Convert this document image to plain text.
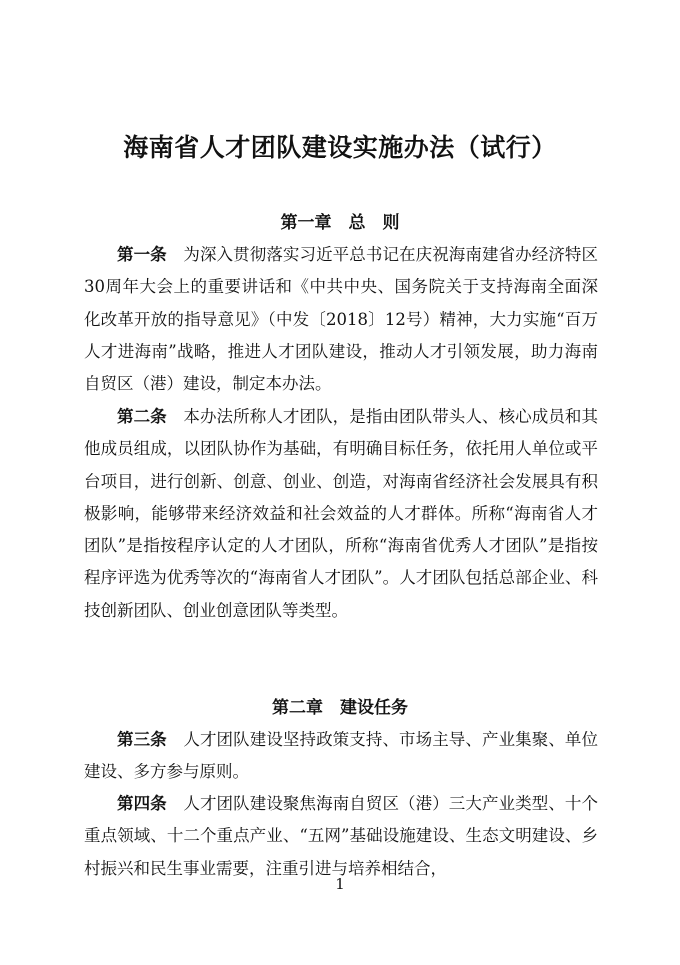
海南省人才团队建设实施办法（试行）
第一章　总　则

第一条　 为深入贯彻落实习近平总书记在庆祝海南建省办经济特区30周年大会上的重要讲话和《中共中央、国务院关于支持海南全面深化改革开放的指导意见》（中发〔2018〕12号）精神，大力实施“百万人才进海南”战略，推进人才团队建设，推动人才引领发展，助力海南自贸区（港）建设，制定本办法。

第二条　 本办法所称人才团队，是指由团队带头人、核心成员和其他成员组成，以团队协作为基础，有明确目标任务，依托用人单位或平台项目，进行创新、创意、创业、创造，对海南省经济社会发展具有积极影响，能够带来经济效益和社会效益的人才群体。所称“海南省人才团队”是指按程序认定的人才团队，所称“海南省优秀人才团队”是指按程序评选为优秀等次的“海南省人才团队”。人才团队包括总部企业、科技创新团队、创业创意团队等类型。

第二章　建设任务

第三条　 人才团队建设坚持政策支持、市场主导、产业集聚、单位建设、多方参与原则。

第四条　 人才团队建设聚焦海南自贸区（港）三大产业类型、十个重点领域、十二个重点产业、“五网”基础设施建设、生态文明建设、乡村振兴和民生事业需要，注重引进与培养相结合，

1
